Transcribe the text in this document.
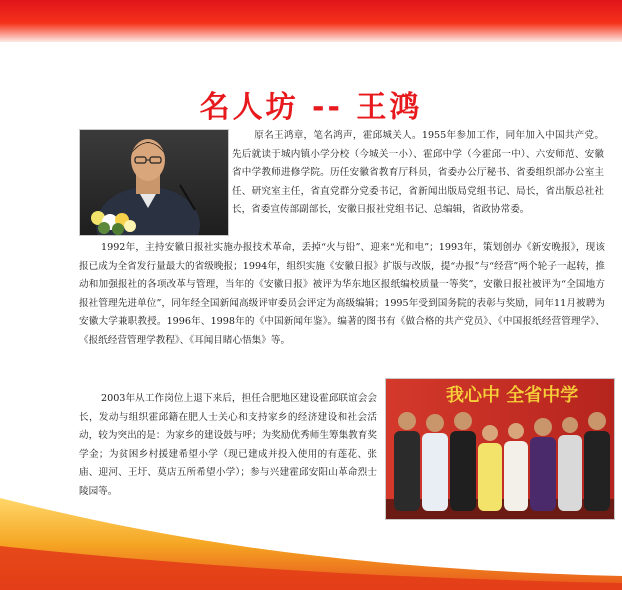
名人坊 -- 王鸿

原名王鸿章，笔名鸿声，霍邱城关人。1955年参加工作，同年加入中国共产党。先后就读于城内镇小学分校（今城关一小）、霍邱中学（今霍邱一中）、六安师范、安徽省中学教师进修学院。历任安徽省教育厅科员，省委办公厅秘书、省委组织部办公室主任、研究室主任，省直党群分党委书记，省新闻出版局党组书记、局长，省出版总社社长，省委宣传部副部长，安徽日报社党组书记、总编辑，省政协常委。

1992年，主持安徽日报社实施办报技术革命，丢掉“火与铅”、迎来“光和电”；1993年，策划创办《新安晚报》，现该报已成为全省发行量最大的省级晚报；1994年，组织实施《安徽日报》扩版与改版，提“办报”与“经营”两个轮子一起转，推动和加强报社的各项改革与管理，当年的《安徽日报》被评为华东地区报纸编校质量一等奖”，安徽日报社被评为“全国地方报社管理先进单位”，同年经全国新闻高级评审委员会评定为高级编辑；1995年受到国务院的表彰与奖励，同年11月被聘为安徽大学兼职教授。1996年、1998年的《中国新闻年鉴》。编著的图书有《做合格的共产党员》、《中国报纸经营管理学》、《报纸经营管理学教程》、《耳闻目睹心悟集》等。

2003年从工作岗位上退下来后，担任合肥地区建设霍邱联谊会会长，发动与组织霍邱籍在肥人士关心和支持家乡的经济建设和社会活动，较为突出的是：为家乡的建设鼓与呼；为奖励优秀师生筹集教育奖学金；为贫困乡村援建希望小学（现已建成并投入使用的有莲花、张庙、迎河、王圩、莫店五所希望小学）；参与兴建霍邱安阳山革命烈士陵园等。

我心中 全省中学
